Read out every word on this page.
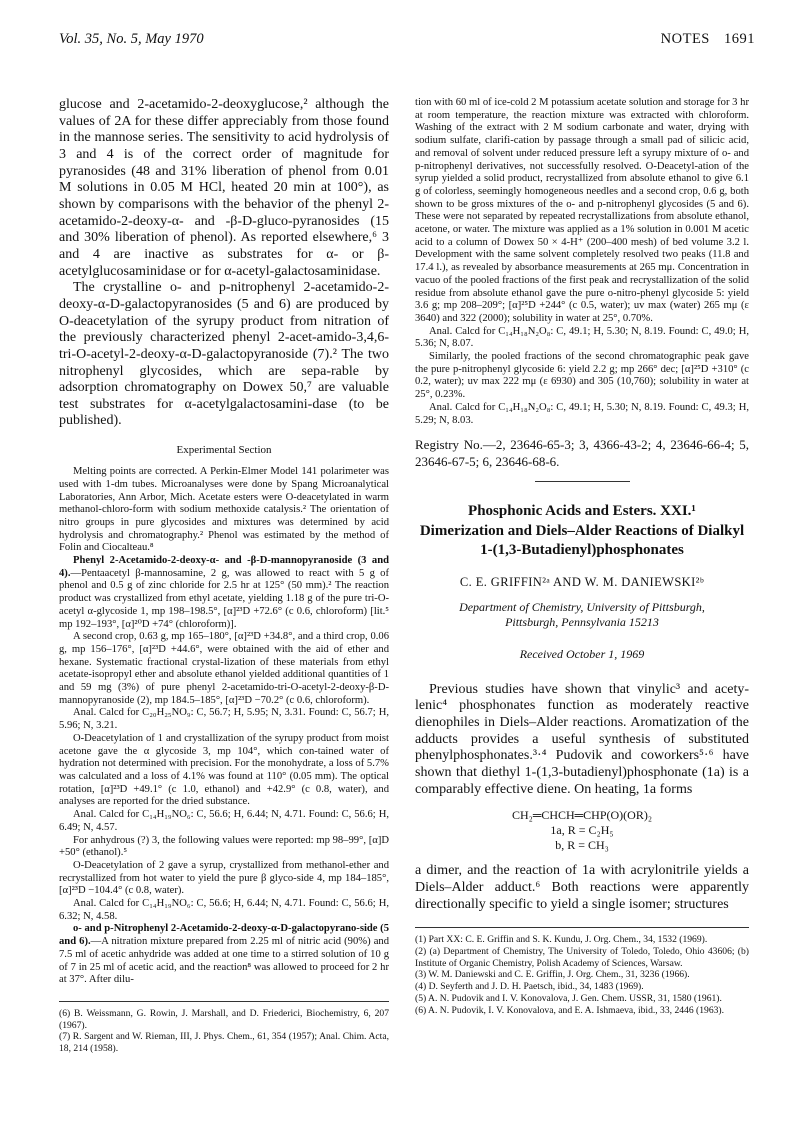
Vol. 35, No. 5, May 1970	NOTES 1691

glucose and 2-acetamido-2-deoxyglucose,² although the values of 2A for these differ appreciably from those found in the mannose series. The sensitivity to acid hydrolysis of 3 and 4 is of the correct order of magnitude for pyranosides (48 and 31% liberation of phenol from 0.01 M solutions in 0.05 M HCl, heated 20 min at 100°), as shown by comparisons with the behavior of the phenyl 2-acetamido-2-deoxy-α- and -β-D-gluco-pyranosides (15 and 30% liberation of phenol). As reported elsewhere,⁶ 3 and 4 are inactive as substrates for α- or β-acetylglucosaminidase or for α-acetyl-galactosaminidase.

The crystalline o- and p-nitrophenyl 2-acetamido-2-deoxy-α-D-galactopyranosides (5 and 6) are produced by O-deacetylation of the syrupy product from nitration of the previously characterized phenyl 2-acet-amido-3,4,6-tri-O-acetyl-2-deoxy-α-D-galactopyranoside (7).² The two nitrophenyl glycosides, which are sepa-rable by adsorption chromatography on Dowex 50,⁷ are valuable test substrates for α-acetylgalactosamini-dase (to be published).

Experimental Section

Melting points are corrected. A Perkin-Elmer Model 141 polarimeter was used with 1-dm tubes. Microanalyses were done by Spang Microanalytical Laboratories, Ann Arbor, Mich. Acetate esters were O-deacetylated in warm methanol-chloro-form with sodium methoxide catalysis.² The orientation of nitro groups in pure glycosides and mixtures was determined by acid hydrolysis and chromatography.² Phenol was estimated by the method of Folin and Ciocalteau.⁸

Phenyl 2-Acetamido-2-deoxy-α- and -β-D-mannopyranoside (3 and 4).—Pentaacetyl β-mannosamine, 2 g, was allowed to react with 5 g of phenol and 0.5 g of zinc chloride for 2.5 hr at 125° (50 mm).² The reaction product was crystallized from ethyl acetate, yielding 1.18 g of the pure tri-O-acetyl α-glycoside 1, mp 198–198.5°, [α]²³D +72.6° (c 0.6, chloroform) [lit.⁵ mp 192–193°, [α]²⁰D +74° (chloroform)].

A second crop, 0.63 g, mp 165–180°, [α]²³D +34.8°, and a third crop, 0.06 g, mp 156–176°, [α]²³D +44.6°, were obtained with the aid of ether and hexane. Systematic fractional crystal-lization of these materials from ethyl acetate-isopropyl ether and absolute ethanol yielded additional quantities of 1 and 59 mg (3%) of pure phenyl 2-acetamido-tri-O-acetyl-2-deoxy-β-D-mannopyranoside (2), mp 184.5–185°, [α]²³D −70.2° (c 0.6, chloroform).

Anal. Calcd for C₂₀H₂₅NO₉: C, 56.7; H, 5.95; N, 3.31. Found: C, 56.7; H, 5.96; N, 3.21.

O-Deacetylation of 1 and crystallization of the syrupy product from moist acetone gave the α glycoside 3, mp 104°, which con-tained water of hydration not determined with precision. For the monohydrate, a loss of 5.7% was calculated and a loss of 4.1% was found at 110° (0.05 mm). The optical rotation, [α]²³D +49.1° (c 1.0, ethanol) and +42.9° (c 0.8, water), and analyses are reported for the dried substance.

Anal. Calcd for C₁₄H₁₉NO₆: C, 56.6; H, 6.44; N, 4.71. Found: C, 56.6; H, 6.49; N, 4.57.

For anhydrous (?) 3, the following values were reported: mp 98–99°, [α]D +50° (ethanol).⁵

O-Deacetylation of 2 gave a syrup, crystallized from methanol-ether and recrystallized from hot water to yield the pure β glyco-side 4, mp 184–185°, [α]²³D −104.4° (c 0.8, water).

Anal. Calcd for C₁₄H₁₉NO₆: C, 56.6; H, 6.44; N, 4.71. Found: C, 56.6; H, 6.32; N, 4.58.

o- and p-Nitrophenyl 2-Acetamido-2-deoxy-α-D-galactopyrano-side (5 and 6).—A nitration mixture prepared from 2.25 ml of nitric acid (90%) and 7.5 ml of acetic anhydride was added at one time to a stirred solution of 10 g of 7 in 25 ml of acetic acid, and the reaction⁸ was allowed to proceed for 2 hr at 37°. After dilu-

(6) B. Weissmann, G. Rowin, J. Marshall, and D. Friederici, Biochemistry, 6, 207 (1967).

(7) R. Sargent and W. Rieman, III, J. Phys. Chem., 61, 354 (1957); Anal. Chim. Acta, 18, 214 (1958).

tion with 60 ml of ice-cold 2 M potassium acetate solution and storage for 3 hr at room temperature, the reaction mixture was extracted with chloroform. Washing of the extract with 2 M sodium carbonate and water, drying with sodium sulfate, clarifi-cation by passage through a small pad of silicic acid, and removal of solvent under reduced pressure left a syrupy mixture of o- and p-nitrophenyl derivatives, not successfully resolved. O-Deacetyl-ation of the syrup yielded a solid product, recrystallized from absolute ethanol to give 6.1 g of colorless, seemingly homogeneous needles and a second crop, 0.6 g, both shown to be gross mixtures of the o- and p-nitrophenyl glycosides (5 and 6). These were not separated by repeated recrystallizations from absolute ethanol, acetone, or water. The mixture was applied as a 1% solution in 0.001 M acetic acid to a column of Dowex 50 × 4-H⁺ (200–400 mesh) of bed volume 3.2 l. Development with the same solvent completely resolved two peaks (11.8 and 17.4 l.), as revealed by absorbance measurements at 265 mμ. Concentration in vacuo of the pooled fractions of the first peak and recrystallization of the solid residue from absolute ethanol gave the pure o-nitro-phenyl glycoside 5: yield 3.6 g; mp 208–209°; [α]²⁵D +244° (c 0.5, water); uv max (water) 265 mμ (ε 3640) and 322 (2000); solubility in water at 25°, 0.70%.

Anal. Calcd for C₁₄H₁₈N₂O₈: C, 49.1; H, 5.30; N, 8.19. Found: C, 49.0; H, 5.36; N, 8.07.

Similarly, the pooled fractions of the second chromatographic peak gave the pure p-nitrophenyl glycoside 6: yield 2.2 g; mp 266° dec; [α]²⁵D +310° (c 0.2, water); uv max 222 mμ (ε 6930) and 305 (10,760); solubility in water at 25°, 0.23%.

Anal. Calcd for C₁₄H₁₈N₂O₈: C, 49.1; H, 5.30; N, 8.19. Found: C, 49.3; H, 5.29; N, 8.03.

Registry No.—2, 23646-65-3; 3, 4366-43-2; 4, 23646-66-4; 5, 23646-67-5; 6, 23646-68-6.

Phosphonic Acids and Esters. XXI.¹
Dimerization and Diels–Alder Reactions of Dialkyl
1-(1,3-Butadienyl)phosphonates
C. E. GRIFFIN²ᵃ AND W. M. DANIEWSKI²ᵇ
Department of Chemistry, University of Pittsburgh,
Pittsburgh, Pennsylvania 15213
Received October 1, 1969

Previous studies have shown that vinylic³ and acety-lenic⁴ phosphonates function as moderately reactive dienophiles in Diels–Alder reactions. Aromatization of the adducts provides a useful synthesis of substituted phenylphosphonates.³·⁴ Pudovik and coworkers⁵·⁶ have shown that diethyl 1-(1,3-butadienyl)phosphonate (1a) is a comparably effective diene. On heating, 1a forms

CH₂═CHCH═CHP(O)(OR)₂
1a, R = C₂H₅
b, R = CH₃

a dimer, and the reaction of 1a with acrylonitrile yields a Diels–Alder adduct.⁶ Both reactions were apparently directionally specific to yield a single isomer; structures

(1) Part XX: C. E. Griffin and S. K. Kundu, J. Org. Chem., 34, 1532 (1969).

(2) (a) Department of Chemistry, The University of Toledo, Toledo, Ohio 43606; (b) Institute of Organic Chemistry, Polish Academy of Sciences, Warsaw.

(3) W. M. Daniewski and C. E. Griffin, J. Org. Chem., 31, 3236 (1966).

(4) D. Seyferth and J. D. H. Paetsch, ibid., 34, 1483 (1969).

(5) A. N. Pudovik and I. V. Konovalova, J. Gen. Chem. USSR, 31, 1580 (1961).

(6) A. N. Pudovik, I. V. Konovalova, and E. A. Ishmaeva, ibid., 33, 2446 (1963).
